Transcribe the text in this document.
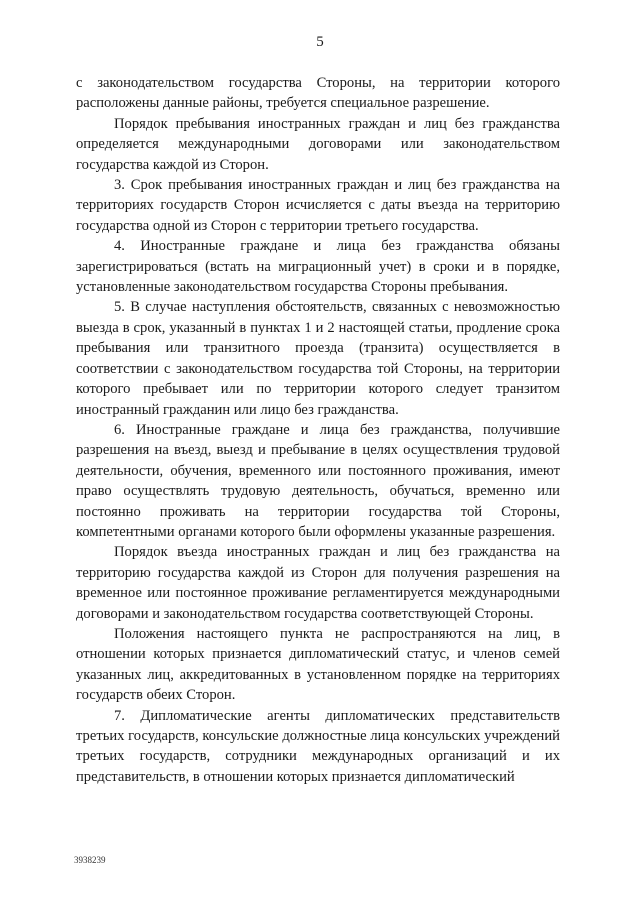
5

с законодательством государства Стороны, на территории которого расположены данные районы, требуется специальное разрешение.

Порядок пребывания иностранных граждан и лиц без гражданства определяется международными договорами или законодательством государства каждой из Сторон.

3. Срок пребывания иностранных граждан и лиц без гражданства на территориях государств Сторон исчисляется с даты въезда на территорию государства одной из Сторон с территории третьего государства.

4. Иностранные граждане и лица без гражданства обязаны зарегистрироваться (встать на миграционный учет) в сроки и в порядке, установленные законодательством государства Стороны пребывания.

5. В случае наступления обстоятельств, связанных с невозможностью выезда в срок, указанный в пунктах 1 и 2 настоящей статьи, продление срока пребывания или транзитного проезда (транзита) осуществляется в соответствии с законодательством государства той Стороны, на территории которого пребывает или по территории которого следует транзитом иностранный гражданин или лицо без гражданства.

6. Иностранные граждане и лица без гражданства, получившие разрешения на въезд, выезд и пребывание в целях осуществления трудовой деятельности, обучения, временного или постоянного проживания, имеют право осуществлять трудовую деятельность, обучаться, временно или постоянно проживать на территории государства той Стороны, компетентными органами которого были оформлены указанные разрешения.

Порядок въезда иностранных граждан и лиц без гражданства на территорию государства каждой из Сторон для получения разрешения на временное или постоянное проживание регламентируется международными договорами и законодательством государства соответствующей Стороны.

Положения настоящего пункта не распространяются на лиц, в отношении которых признается дипломатический статус, и членов семей указанных лиц, аккредитованных в установленном порядке на территориях государств обеих Сторон.

7. Дипломатические агенты дипломатических представительств третьих государств, консульские должностные лица консульских учреждений третьих государств, сотрудники международных организаций и их представительств, в отношении которых признается дипломатический

3938239
